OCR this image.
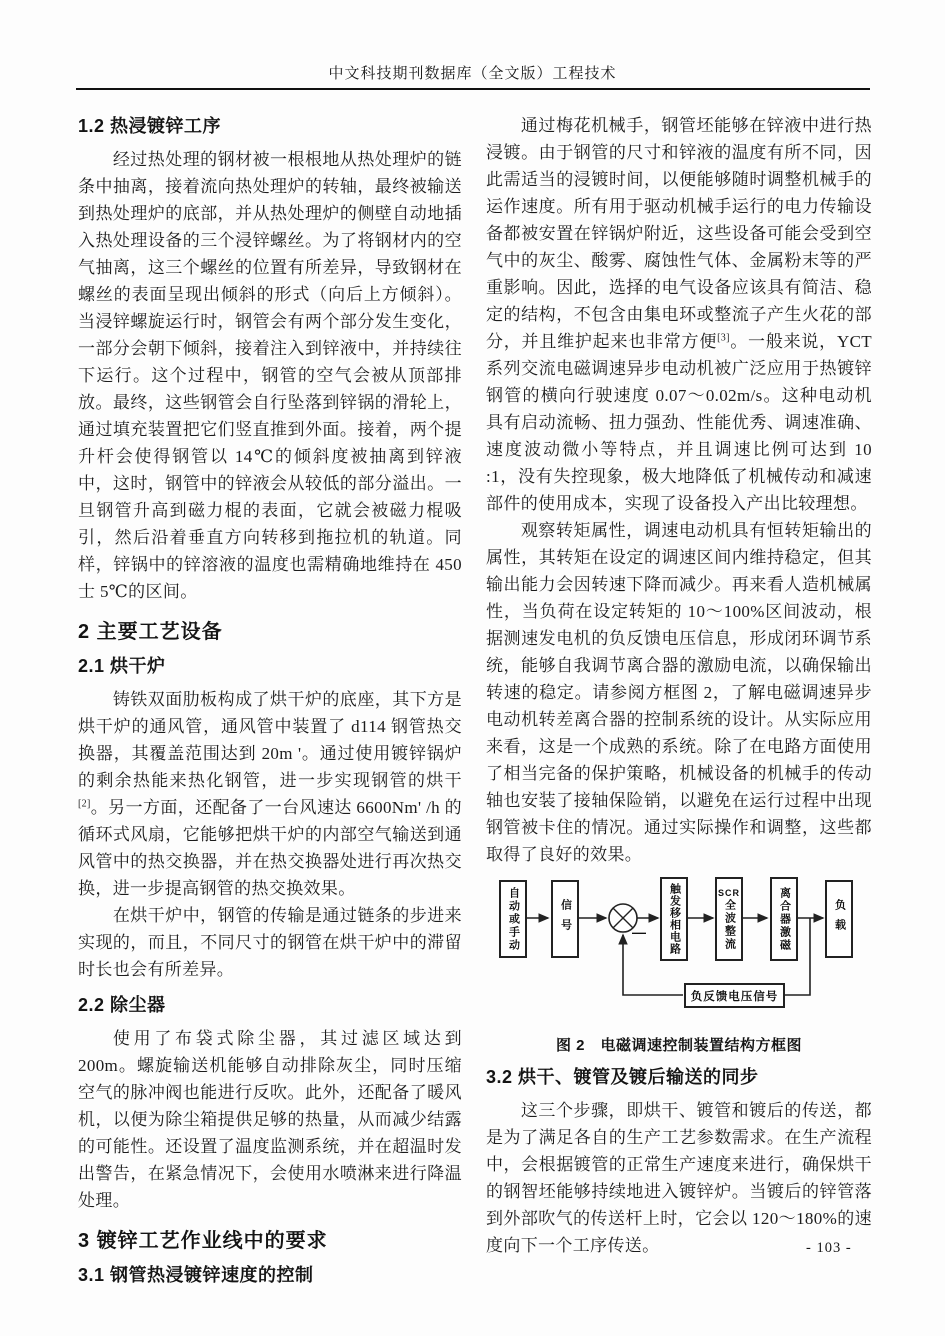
中文科技期刊数据库（全文版）工程技术
1.2 热浸镀锌工序

经过热处理的钢材被一根根地从热处理炉的链条中抽离，接着流向热处理炉的转轴，最终被输送到热处理炉的底部，并从热处理炉的侧壁自动地插入热处理设备的三个浸锌螺丝。为了将钢材内的空气抽离，这三个螺丝的位置有所差异，导致钢材在螺丝的表面呈现出倾斜的形式（向后上方倾斜）。当浸锌螺旋运行时，钢管会有两个部分发生变化，一部分会朝下倾斜，接着注入到锌液中，并持续往下运行。这个过程中，钢管的空气会被从顶部排放。最终，这些钢管会自行坠落到锌锅的滑轮上，通过填充装置把它们竖直推到外面。接着，两个提升杆会使得钢管以 14℃的倾斜度被抽离到锌液中，这时，钢管中的锌液会从较低的部分溢出。一旦钢管升高到磁力棍的表面，它就会被磁力棍吸引，然后沿着垂直方向转移到拖拉机的轨道。同样，锌锅中的锌溶液的温度也需精确地维持在 450 士 5℃的区间。

2 主要工艺设备
2.1 烘干炉

铸铁双面肋板构成了烘干炉的底座，其下方是烘干炉的通风管，通风管中装置了 d114 钢管热交换器，其覆盖范围达到 20m '。通过使用镀锌锅炉的剩余热能来热化钢管，进一步实现钢管的烘干[2]。另一方面，还配备了一台风速达 6600Nm' /h 的循环式风扇，它能够把烘干炉的内部空气输送到通风管中的热交换器，并在热交换器处进行再次热交换，进一步提高钢管的热交换效果。

在烘干炉中，钢管的传输是通过链条的步进来实现的，而且，不同尺寸的钢管在烘干炉中的滞留时长也会有所差异。

2.2 除尘器

使用了布袋式除尘器，其过滤区域达到 200m。螺旋输送机能够自动排除灰尘，同时压缩空气的脉冲阀也能进行反吹。此外，还配备了暖风机，以便为除尘箱提供足够的热量，从而减少结露的可能性。还设置了温度监测系统，并在超温时发出警告，在紧急情况下，会使用水喷淋来进行降温处理。

3 镀锌工艺作业线中的要求
3.1 钢管热浸镀锌速度的控制

通过梅花机械手，钢管坯能够在锌液中进行热浸镀。由于钢管的尺寸和锌液的温度有所不同，因此需适当的浸镀时间，以便能够随时调整机械手的运作速度。所有用于驱动机械手运行的电力传输设备都被安置在锌锅炉附近，这些设备可能会受到空气中的灰尘、酸雾、腐蚀性气体、金属粉末等的严重影响。因此，选择的电气设备应该具有简洁、稳定的结构，不包含由集电环或整流子产生火花的部分，并且维护起来也非常方便[3]。一般来说，YCT 系列交流电磁调速异步电动机被广泛应用于热镀锌钢管的横向行驶速度 0.07～0.02m/s。这种电动机具有启动流畅、扭力强劲、性能优秀、调速准确、速度波动微小等特点，并且调速比例可达到 10 :1，没有失控现象，极大地降低了机械传动和减速部件的使用成本，实现了设备投入产出比较理想。

观察转矩属性，调速电动机具有恒转矩输出的属性，其转矩在设定的调速区间内维持稳定，但其输出能力会因转速下降而减少。再来看人造机械属性，当负荷在设定转矩的 10～100%区间波动，根据测速发电机的负反馈电压信息，形成闭环调节系统，能够自我调节离合器的激励电流，以确保输出转速的稳定。请参阅方框图 2，了解电磁调速异步电动机转差离合器的控制系统的设计。从实际应用来看，这是一个成熟的系统。除了在电路方面使用了相当完备的保护策略，机械设备的机械手的传动轴也安装了接轴保险销，以避免在运行过程中出现钢管被卡住的情况。通过实际操作和调整，这些都取得了良好的效果。

自动或手动	信号	触发移相电路	SCR
全波整流	离合器激磁	负载
负反馈电压信号
—
图 2　电磁调速控制装置结构方框图
3.2 烘干、镀管及镀后输送的同步

这三个步骤，即烘干、镀管和镀后的传送，都是为了满足各自的生产工艺参数需求。在生产流程中，会根据镀管的正常生产速度来进行，确保烘干的钢智坯能够持续地进入镀锌炉。当镀后的锌管落到外部吹气的传送杆上时，它会以 120～180%的速度向下一个工序传送。	- 103 -
